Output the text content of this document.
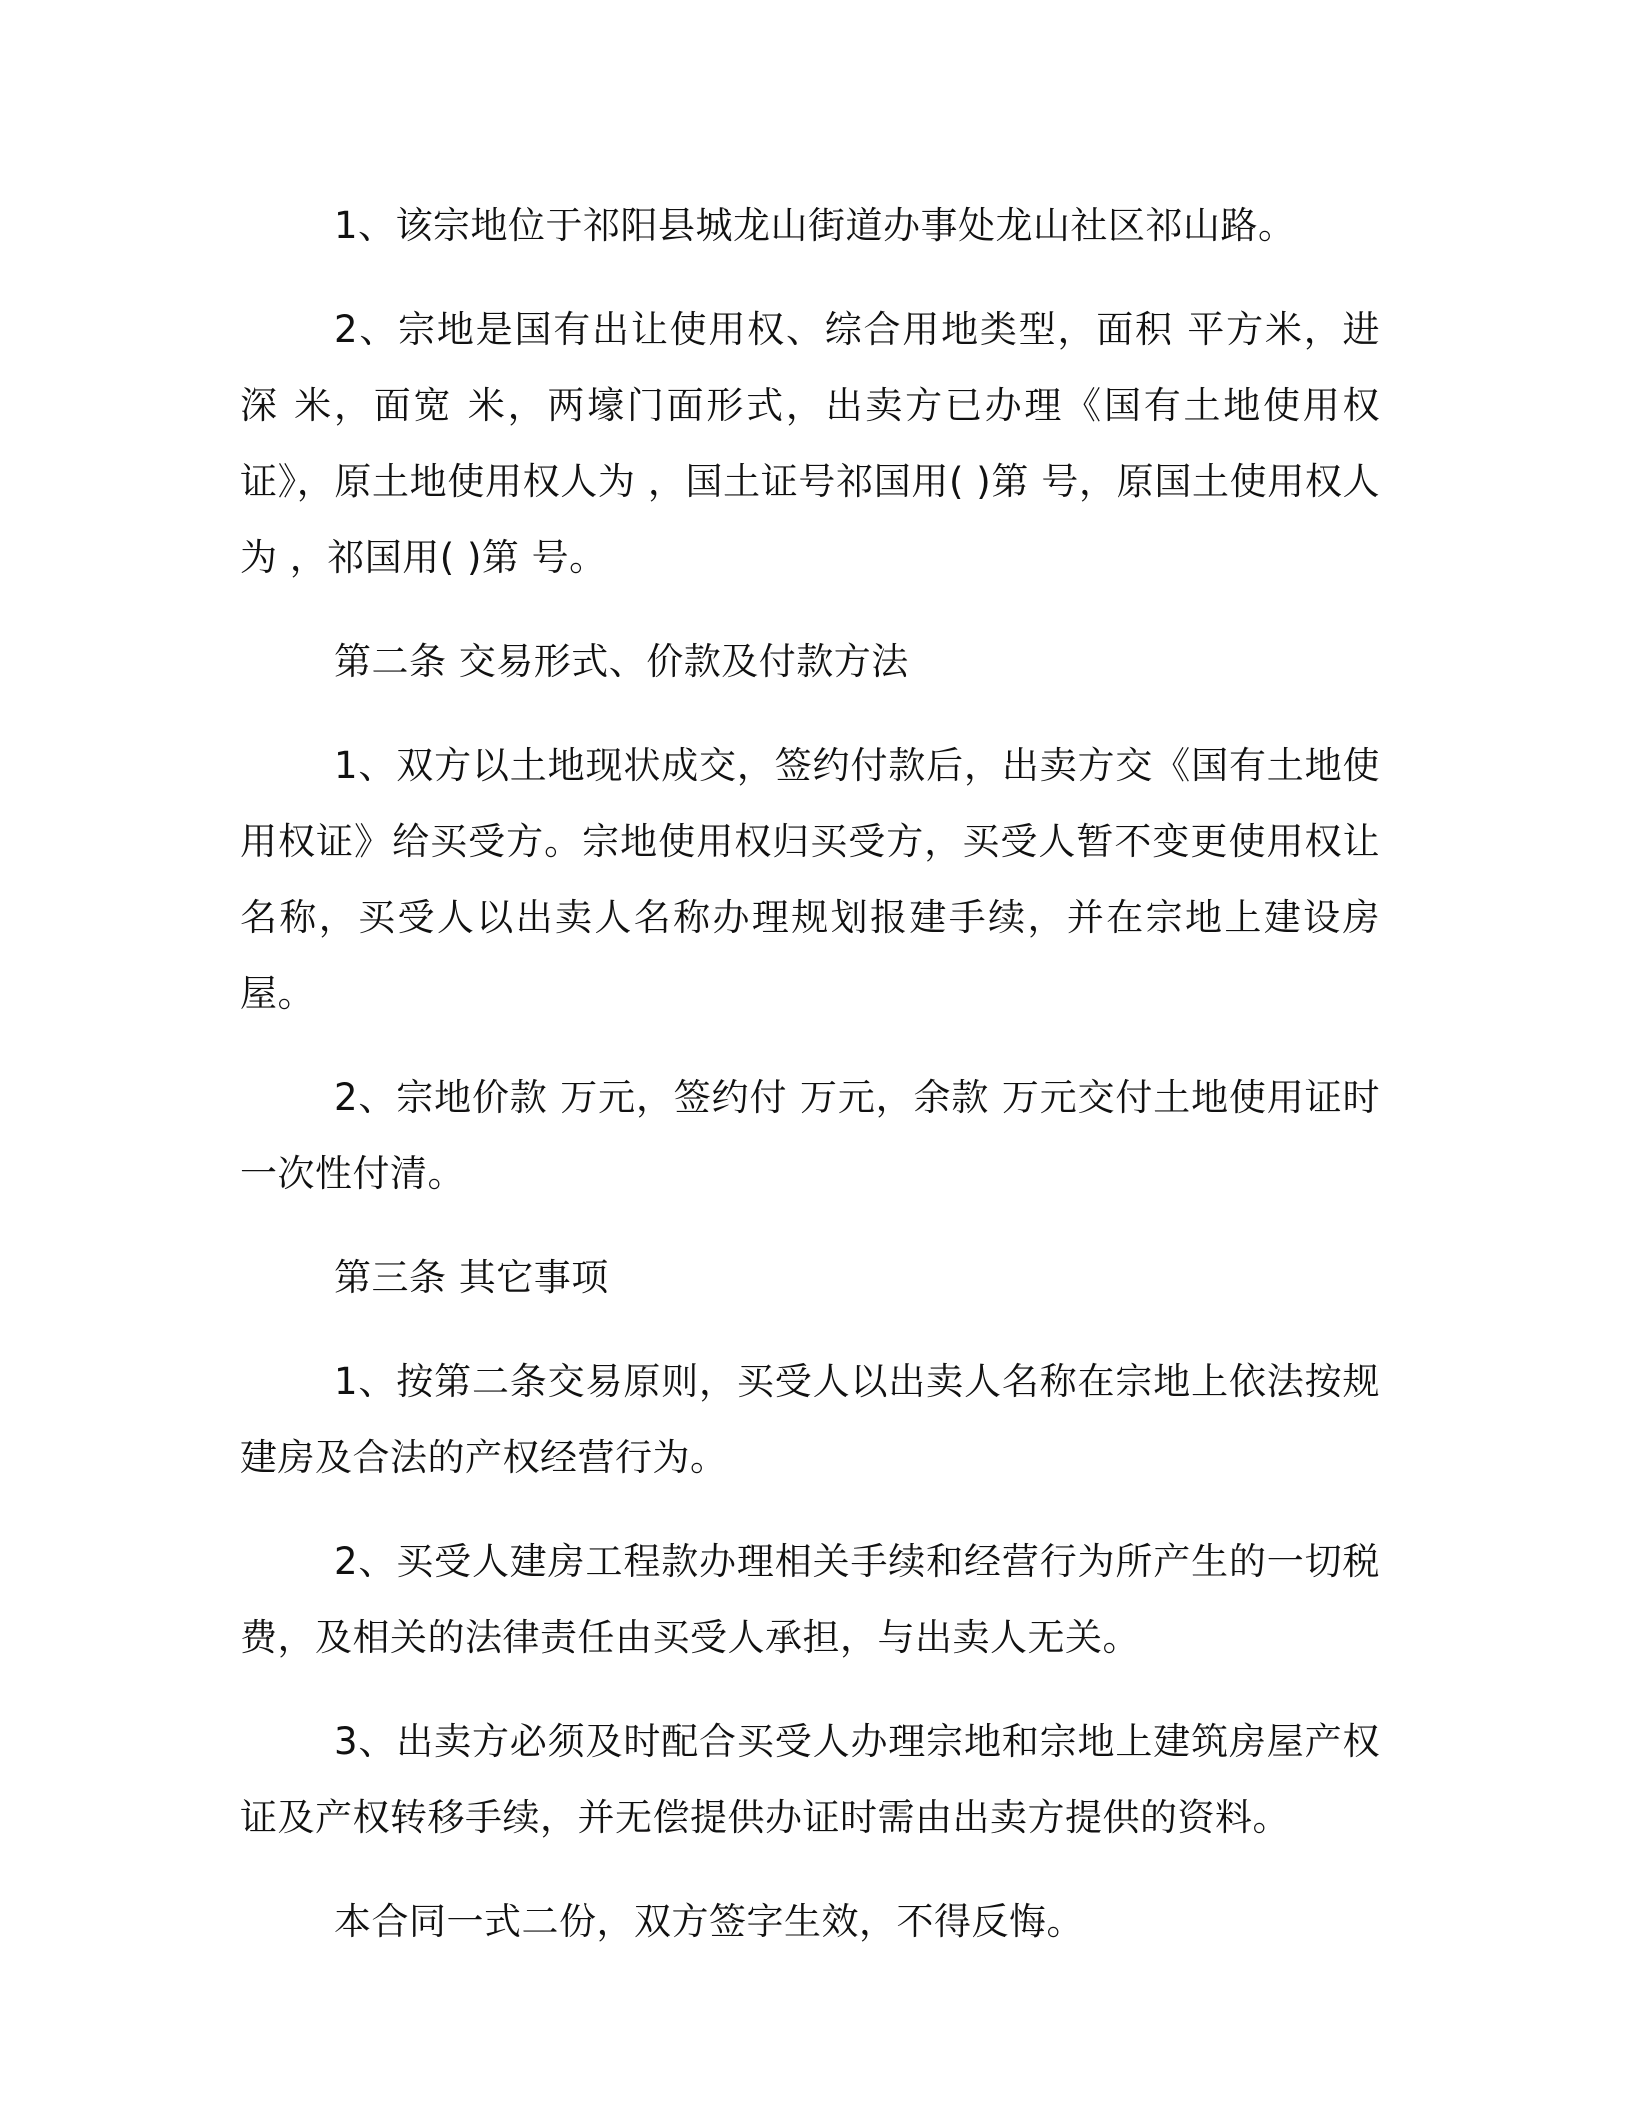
1、该宗地位于祁阳县城龙山街道办事处龙山社区祁山路。

2、宗地是国有出让使用权、综合用地类型，面积 平方米，进深 米，面宽 米，两壕门面形式，出卖方已办理《国有土地使用权证》，原土地使用权人为 ，国土证号祁国用( )第 号，原国土使用权人为 ，祁国用( )第 号。

第二条 交易形式、价款及付款方法

1、双方以土地现状成交，签约付款后，出卖方交《国有土地使用权证》给买受方。宗地使用权归买受方，买受人暂不变更使用权让名称，买受人以出卖人名称办理规划报建手续，并在宗地上建设房屋。

2、宗地价款 万元，签约付 万元，余款 万元交付土地使用证时一次性付清。

第三条 其它事项

1、按第二条交易原则，买受人以出卖人名称在宗地上依法按规建房及合法的产权经营行为。

2、买受人建房工程款办理相关手续和经营行为所产生的一切税费，及相关的法律责任由买受人承担，与出卖人无关。

3、出卖方必须及时配合买受人办理宗地和宗地上建筑房屋产权证及产权转移手续，并无偿提供办证时需由出卖方提供的资料。

本合同一式二份，双方签字生效，不得反悔。
